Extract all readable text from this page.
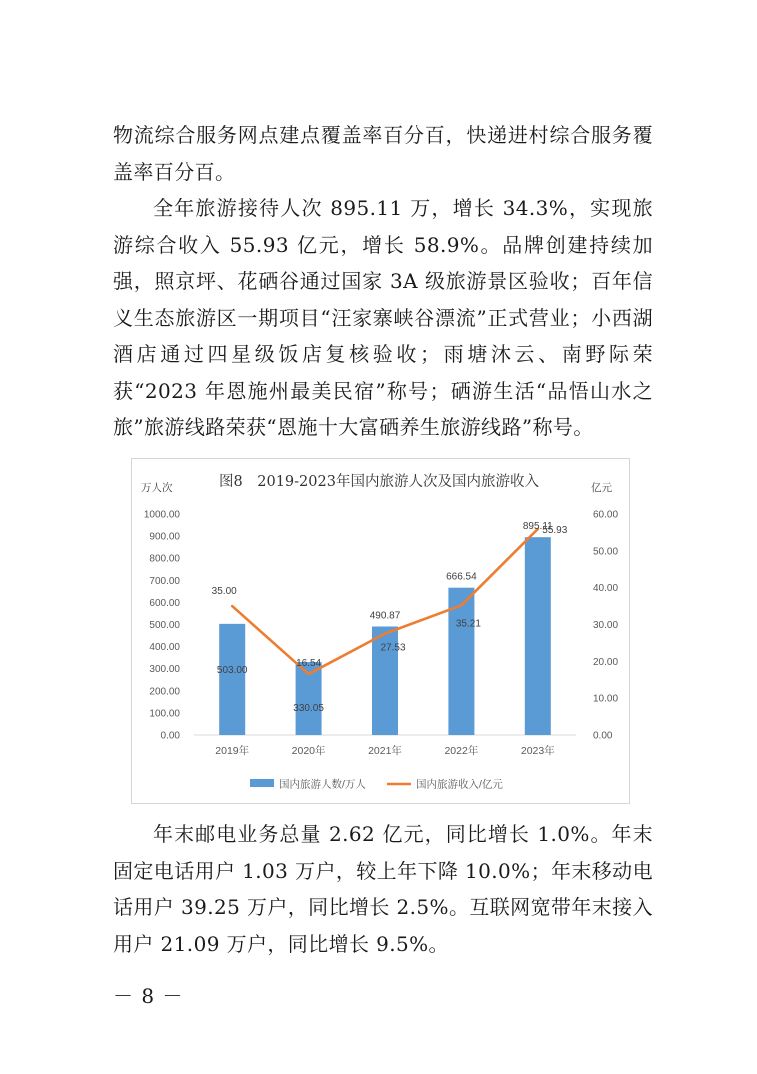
物流综合服务网点建点覆盖率百分百，快递进村综合服务覆盖率百分百。

全年旅游接待人次 895.11 万，增长 34.3%，实现旅游综合收入 55.93 亿元，增长 58.9%。品牌创建持续加强，照京坪、花硒谷通过国家 3A 级旅游景区验收；百年信义生态旅游区一期项目“汪家寨峡谷漂流”正式营业；小西湖酒店通过四星级饭店复核验收；雨塘沐云、南野际荣获“2023 年恩施州最美民宿”称号；硒游生活“品悟山水之旅”旅游线路荣获“恩施十大富硒养生旅游线路”称号。

图8　2019-2023年国内旅游人次及国内旅游收入
万人次	亿元
0.00
100.00
200.00
300.00
400.00
500.00
600.00
700.00
800.00
900.00
1000.00
0.00
10.00
20.00
30.00
40.00
50.00
60.00
2019年	2020年	2021年	2022年	2023年
503.00
330.05
490.87
666.54
895.11
35.00
16.54
27.53
35.21
55.93
国内旅游人数/万人	国内旅游收入/亿元

年末邮电业务总量 2.62 亿元，同比增长 1.0%。年末固定电话用户 1.03 万户，较上年下降 10.0%；年末移动电话用户 39.25 万户，同比增长 2.5%。互联网宽带年末接入用户 21.09 万户，同比增长 9.5%。

－ 8 －
